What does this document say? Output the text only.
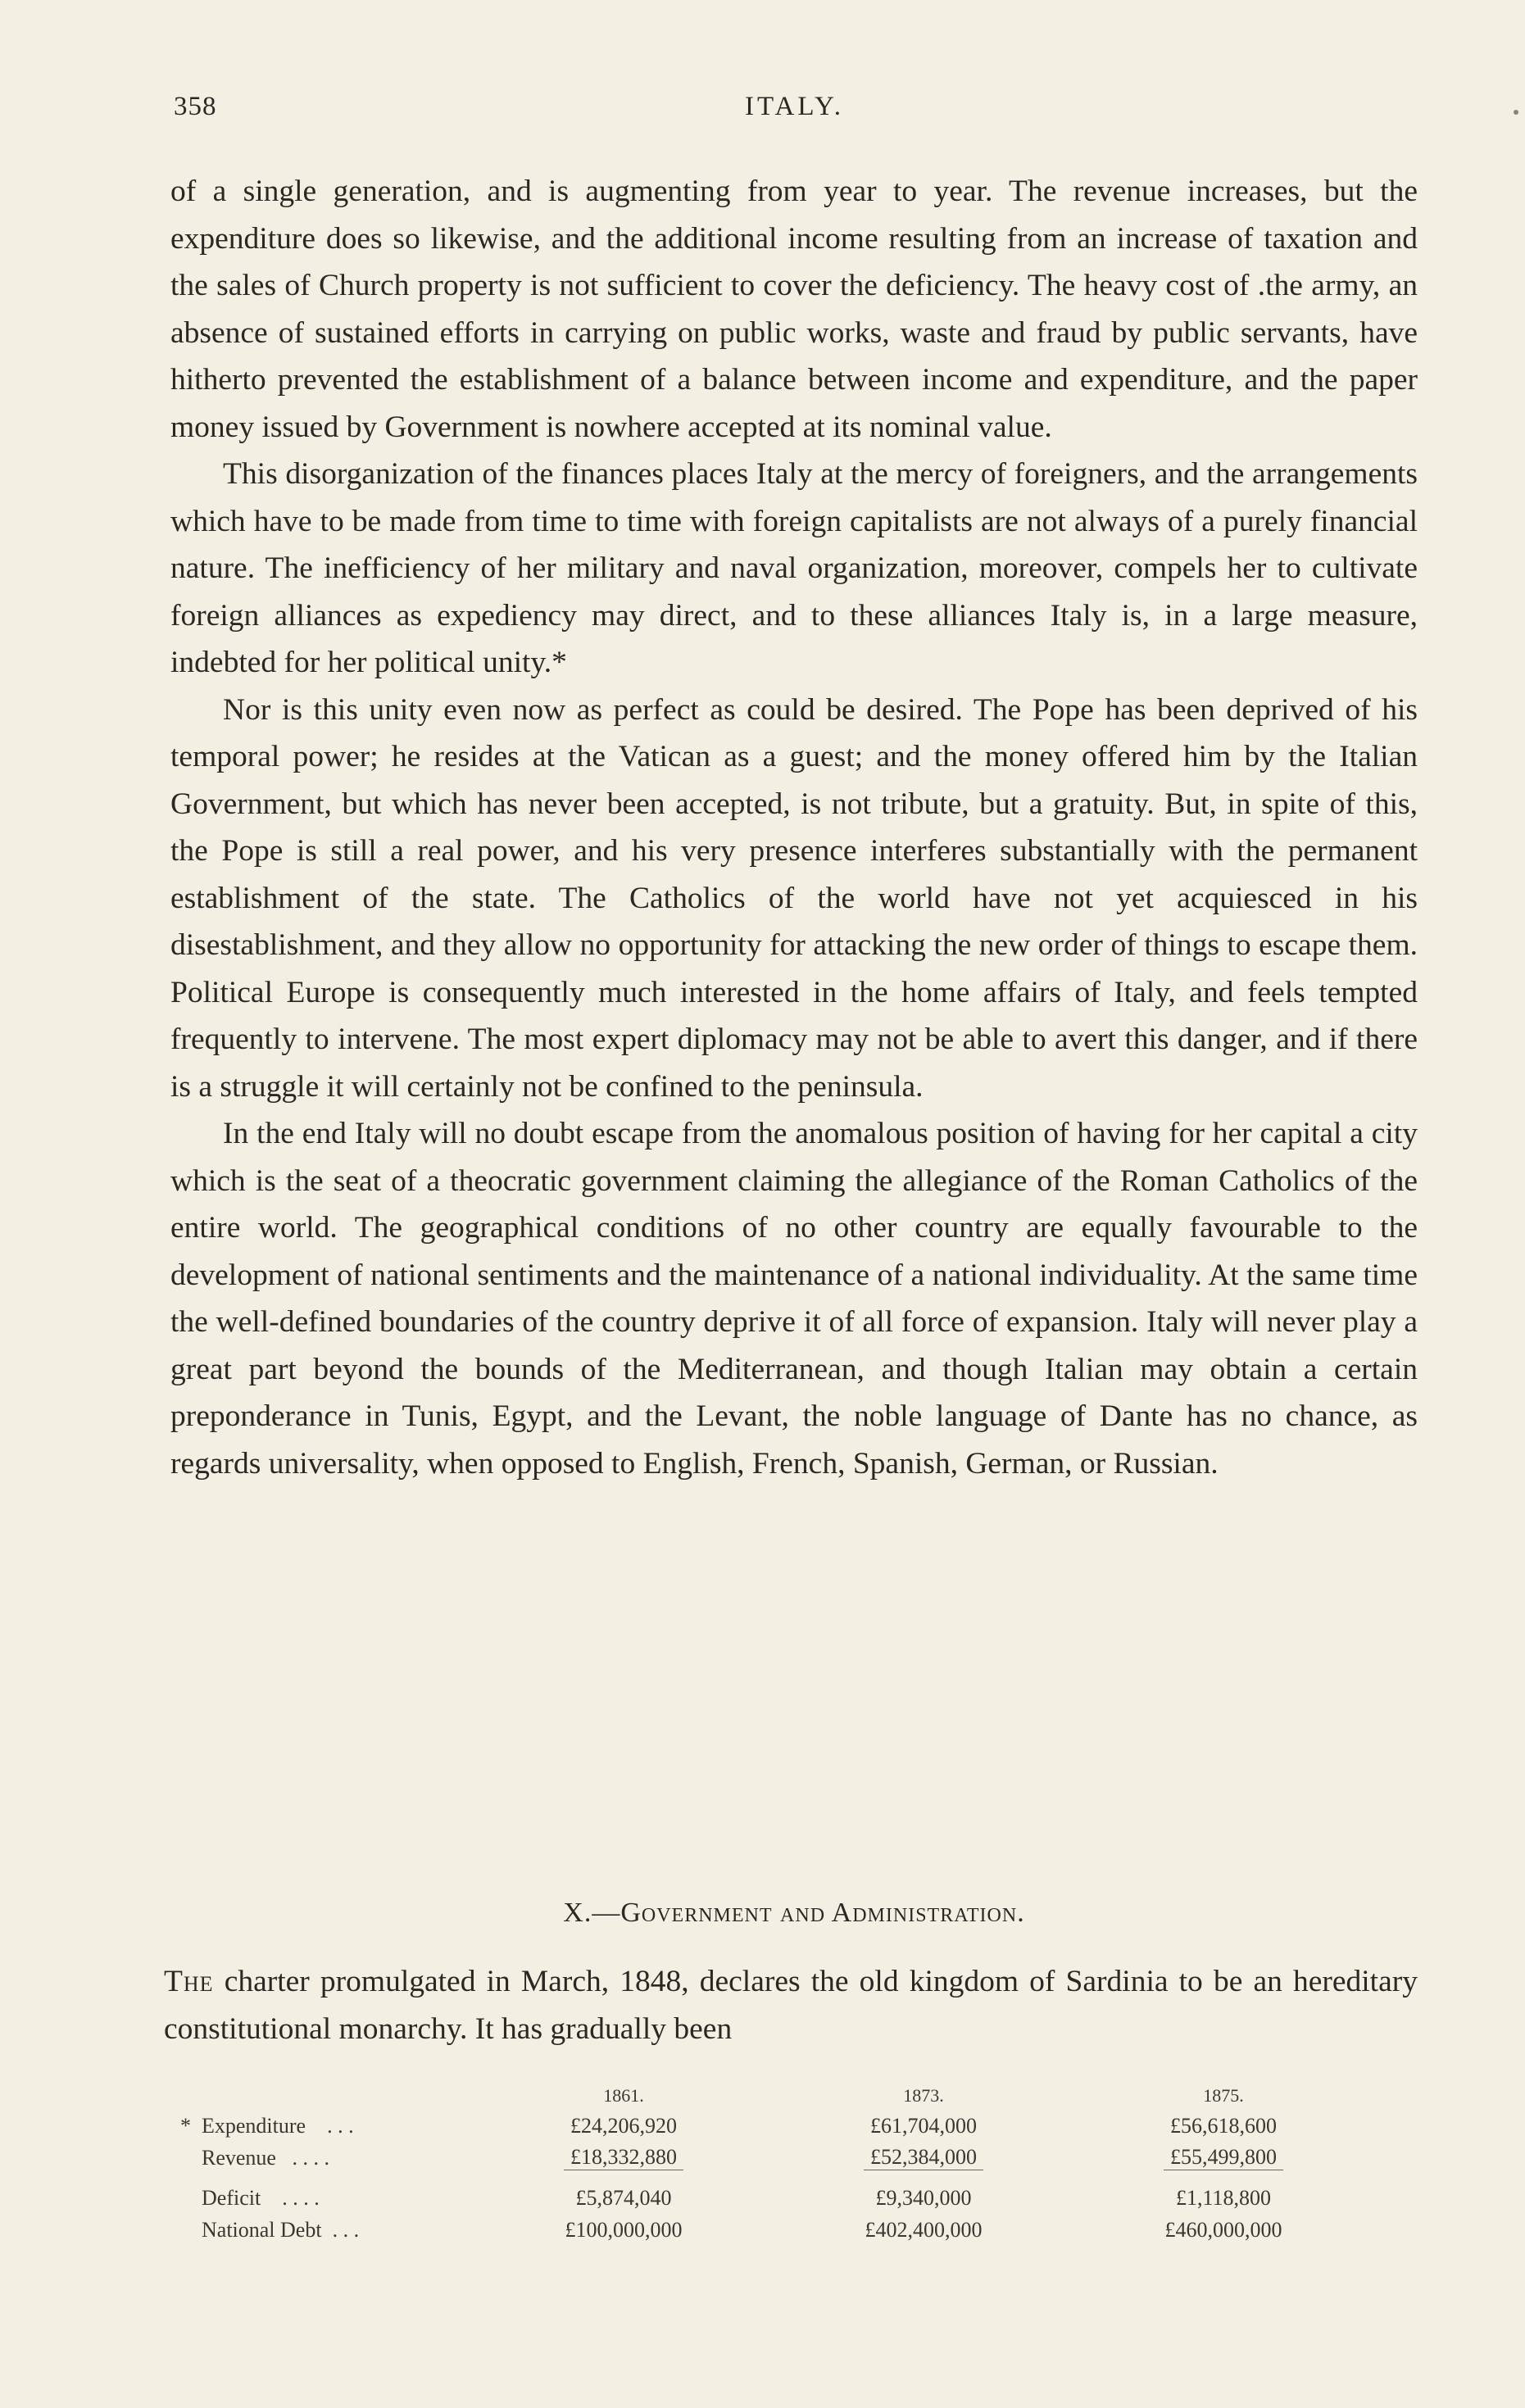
358	ITALY.

of a single generation, and is augmenting from year to year. The revenue increases, but the expenditure does so likewise, and the additional income resulting from an increase of taxation and the sales of Church property is not sufficient to cover the deficiency. The heavy cost of .the army, an absence of sustained efforts in carrying on public works, waste and fraud by public servants, have hitherto prevented the establishment of a balance between income and expenditure, and the paper money issued by Government is nowhere accepted at its nominal value.

This disorganization of the finances places Italy at the mercy of foreigners, and the arrangements which have to be made from time to time with foreign capitalists are not always of a purely financial nature. The inefficiency of her military and naval organization, moreover, compels her to cultivate foreign alliances as expediency may direct, and to these alliances Italy is, in a large measure, indebted for her political unity.*

Nor is this unity even now as perfect as could be desired. The Pope has been deprived of his temporal power; he resides at the Vatican as a guest; and the money offered him by the Italian Government, but which has never been accepted, is not tribute, but a gratuity. But, in spite of this, the Pope is still a real power, and his very presence interferes substantially with the permanent establishment of the state. The Catholics of the world have not yet acquiesced in his disestablishment, and they allow no opportunity for attacking the new order of things to escape them. Political Europe is consequently much interested in the home affairs of Italy, and feels tempted frequently to intervene. The most expert diplomacy may not be able to avert this danger, and if there is a struggle it will certainly not be confined to the peninsula.

In the end Italy will no doubt escape from the anomalous position of having for her capital a city which is the seat of a theocratic government claiming the allegiance of the Roman Catholics of the entire world. The geographical conditions of no other country are equally favourable to the development of national sentiments and the maintenance of a national individuality. At the same time the well-defined boundaries of the country deprive it of all force of expansion. Italy will never play a great part beyond the bounds of the Mediterranean, and though Italian may obtain a certain preponderance in Tunis, Egypt, and the Levant, the noble language of Dante has no chance, as regards universality, when opposed to English, French, Spanish, German, or Russian.

X.—Government and Administration.

The charter promulgated in March, 1848, declares the old kingdom of Sardinia to be an hereditary constitutional monarchy. It has gradually been

	1861.	1873.	1875.
* Expenditure . . .	£24,206,920	£61,704,000	£56,618,600
Revenue . . . .	£18,332,880	£52,384,000	£55,499,800
Deficit . . . .	£5,874,040	£9,340,000	£1,118,800
National Debt . . .	£100,000,000	£402,400,000	£460,000,000
